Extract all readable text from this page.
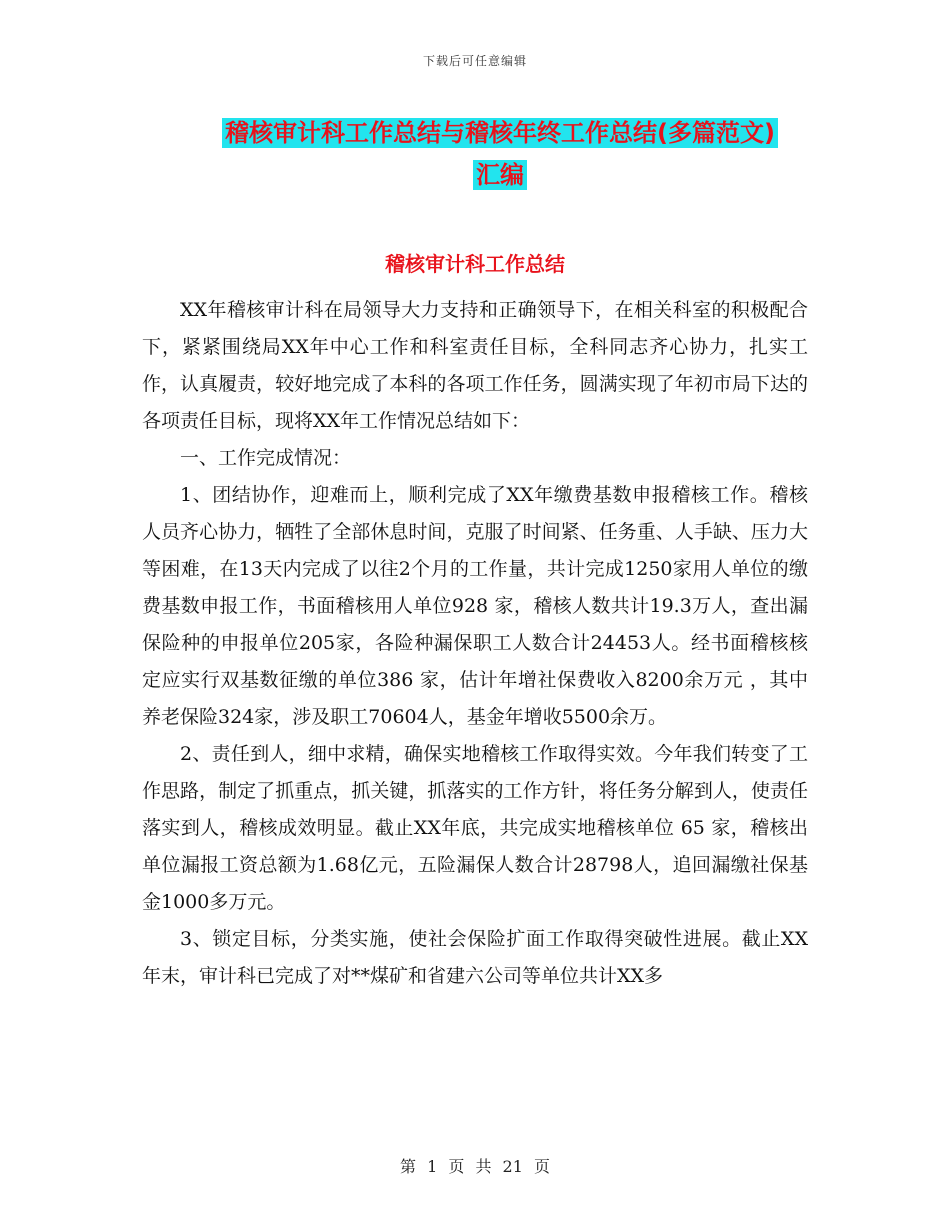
下载后可任意编辑
稽核审计科工作总结与稽核年终工作总结(多篇范文)
汇编
稽核审计科工作总结

XX年稽核审计科在局领导大力支持和正确领导下，在相关科室的积极配合下，紧紧围绕局XX年中心工作和科室责任目标，全科同志齐心协力，扎实工作，认真履责，较好地完成了本科的各项工作任务，圆满实现了年初市局下达的各项责任目标，现将XX年工作情况总结如下：

一、工作完成情况：

1、团结协作，迎难而上，顺利完成了XX年缴费基数申报稽核工作。稽核人员齐心协力，牺牲了全部休息时间，克服了时间紧、任务重、人手缺、压力大等困难，在13天内完成了以往2个月的工作量，共计完成1250家用人单位的缴费基数申报工作，书面稽核用人单位928 家，稽核人数共计19.3万人，查出漏保险种的申报单位205家，各险种漏保职工人数合计24453人。经书面稽核核定应实行双基数征缴的单位386 家，估计年增社保费收入8200余万元 ，其中养老保险324家，涉及职工70604人，基金年增收5500余万。

2、责任到人，细中求精，确保实地稽核工作取得实效。今年我们转变了工作思路，制定了抓重点，抓关键，抓落实的工作方针，将任务分解到人，使责任落实到人，稽核成效明显。截止XX年底，共完成实地稽核单位 65 家，稽核出单位漏报工资总额为1.68亿元，五险漏保人数合计28798人，追回漏缴社保基金1000多万元。

3、锁定目标，分类实施，使社会保险扩面工作取得突破性进展。截止XX年末，审计科已完成了对**煤矿和省建六公司等单位共计XX多

第 1 页 共 21 页
